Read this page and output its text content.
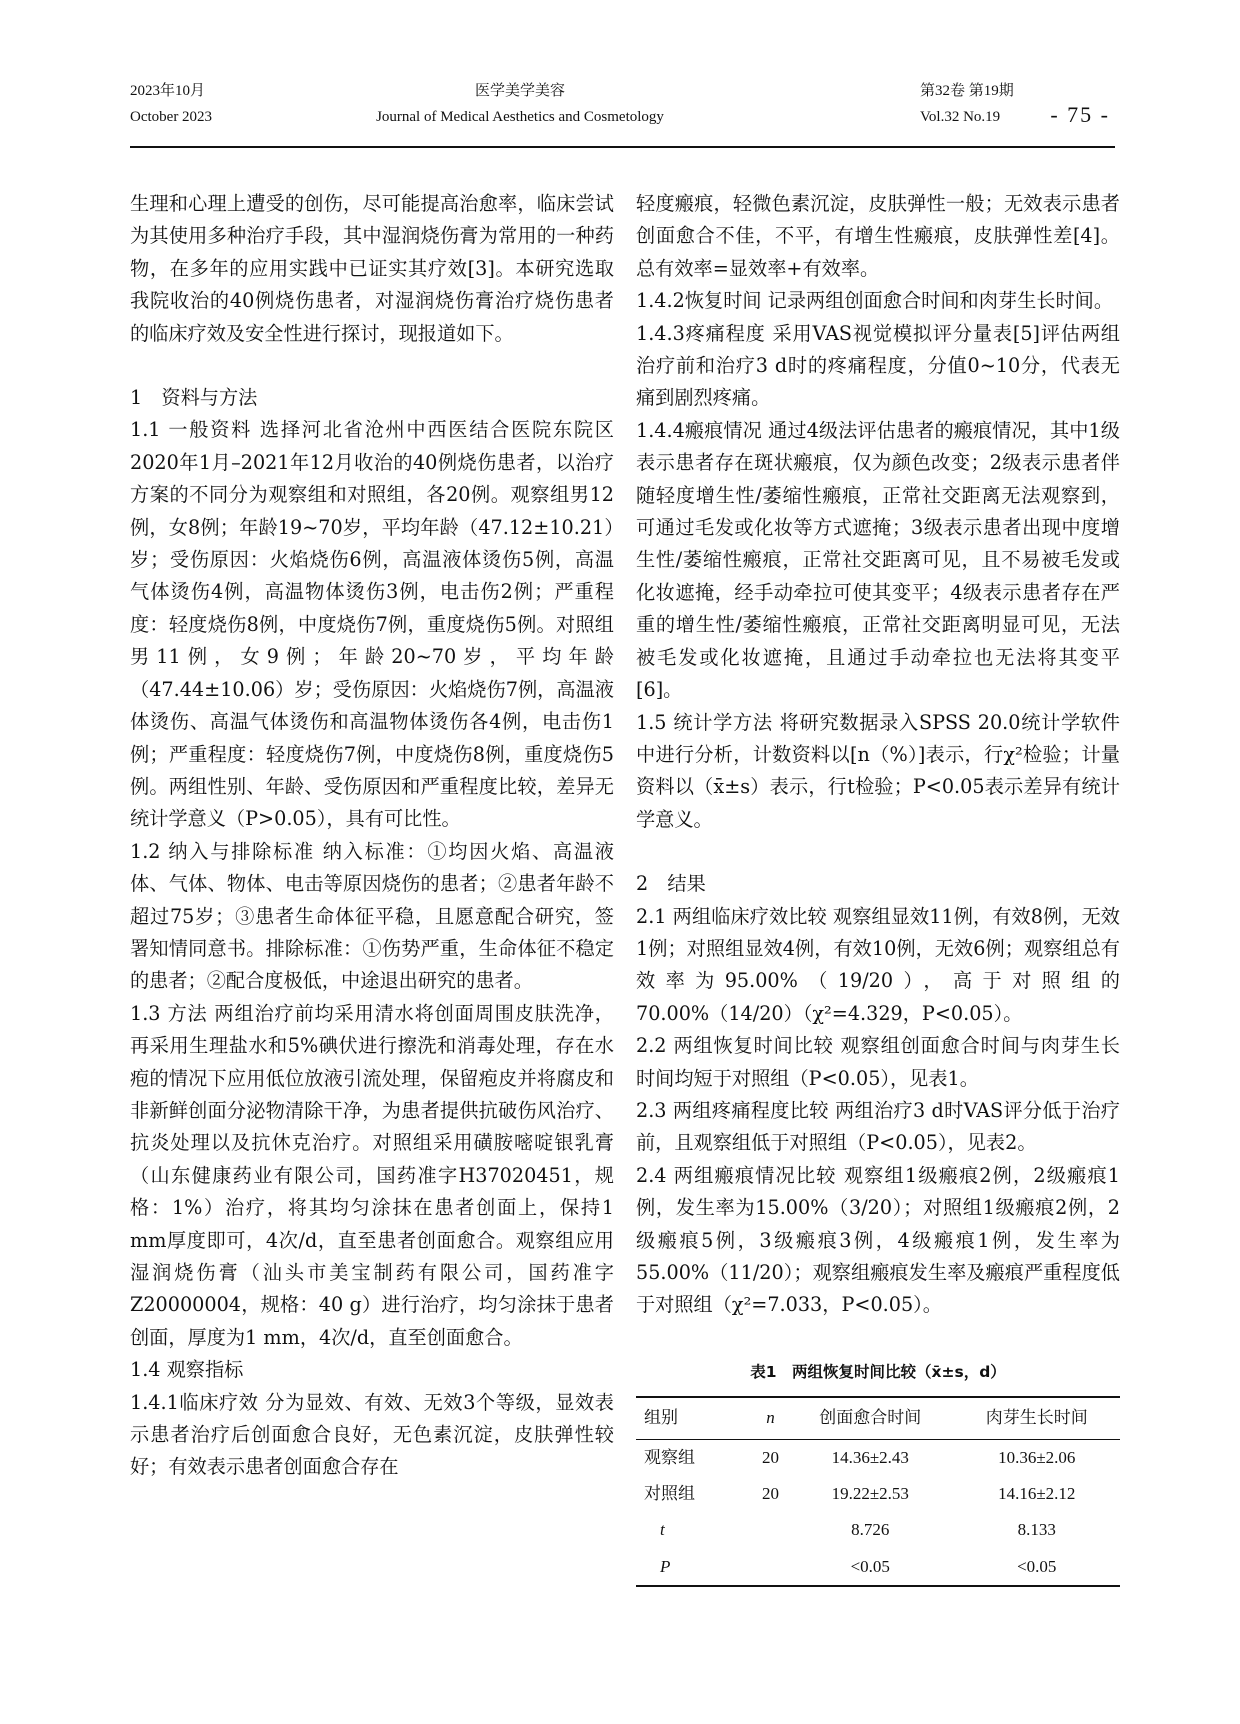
2023年10月
October 2023
医学美学美容
Journal of Medical Aesthetics and Cosmetology
第32卷 第19期
Vol.32 No.19	- 75 -

生理和心理上遭受的创伤，尽可能提高治愈率，临床尝试为其使用多种治疗手段，其中湿润烧伤膏为常用的一种药物，在多年的应用实践中已证实其疗效[3]。本研究选取我院收治的40例烧伤患者，对湿润烧伤膏治疗烧伤患者的临床疗效及安全性进行探讨，现报道如下。

1　资料与方法

1.1 一般资料 选择河北省沧州中西医结合医院东院区2020年1月–2021年12月收治的40例烧伤患者，以治疗方案的不同分为观察组和对照组，各20例。观察组男12例，女8例；年龄19~70岁，平均年龄（47.12±10.21）岁；受伤原因：火焰烧伤6例，高温液体烫伤5例，高温气体烫伤4例，高温物体烫伤3例，电击伤2例；严重程度：轻度烧伤8例，中度烧伤7例，重度烧伤5例。对照组男11例，女9例；年龄20~70岁，平均年龄（47.44±10.06）岁；受伤原因：火焰烧伤7例，高温液体烫伤、高温气体烫伤和高温物体烫伤各4例，电击伤1例；严重程度：轻度烧伤7例，中度烧伤8例，重度烧伤5例。两组性别、年龄、受伤原因和严重程度比较，差异无统计学意义（P>0.05），具有可比性。

1.2 纳入与排除标准 纳入标准：①均因火焰、高温液体、气体、物体、电击等原因烧伤的患者；②患者年龄不超过75岁；③患者生命体征平稳，且愿意配合研究，签署知情同意书。排除标准：①伤势严重，生命体征不稳定的患者；②配合度极低，中途退出研究的患者。

1.3 方法 两组治疗前均采用清水将创面周围皮肤洗净，再采用生理盐水和5%碘伏进行擦洗和消毒处理，存在水疱的情况下应用低位放液引流处理，保留疱皮并将腐皮和非新鲜创面分泌物清除干净，为患者提供抗破伤风治疗、抗炎处理以及抗休克治疗。对照组采用磺胺嘧啶银乳膏（山东健康药业有限公司，国药准字H37020451，规格：1%）治疗，将其均匀涂抹在患者创面上，保持1 mm厚度即可，4次/d，直至患者创面愈合。观察组应用湿润烧伤膏（汕头市美宝制药有限公司，国药准字Z20000004，规格：40 g）进行治疗，均匀涂抹于患者创面，厚度为1 mm，4次/d，直至创面愈合。

1.4 观察指标

1.4.1临床疗效 分为显效、有效、无效3个等级，显效表示患者治疗后创面愈合良好，无色素沉淀，皮肤弹性较好；有效表示患者创面愈合存在

轻度瘢痕，轻微色素沉淀，皮肤弹性一般；无效表示患者创面愈合不佳，不平，有增生性瘢痕，皮肤弹性差[4]。总有效率=显效率+有效率。

1.4.2恢复时间 记录两组创面愈合时间和肉芽生长时间。

1.4.3疼痛程度 采用VAS视觉模拟评分量表[5]评估两组治疗前和治疗3 d时的疼痛程度，分值0~10分，代表无痛到剧烈疼痛。

1.4.4瘢痕情况 通过4级法评估患者的瘢痕情况，其中1级表示患者存在斑状瘢痕，仅为颜色改变；2级表示患者伴随轻度增生性/萎缩性瘢痕，正常社交距离无法观察到，可通过毛发或化妆等方式遮掩；3级表示患者出现中度增生性/萎缩性瘢痕，正常社交距离可见，且不易被毛发或化妆遮掩，经手动牵拉可使其变平；4级表示患者存在严重的增生性/萎缩性瘢痕，正常社交距离明显可见，无法被毛发或化妆遮掩，且通过手动牵拉也无法将其变平[6]。

1.5 统计学方法 将研究数据录入SPSS 20.0统计学软件中进行分析，计数资料以[n（%）]表示，行χ²检验；计量资料以（x̄±s）表示，行t检验；P<0.05表示差异有统计学意义。

2　结果

2.1 两组临床疗效比较 观察组显效11例，有效8例，无效1例；对照组显效4例，有效10例，无效6例；观察组总有效率为95.00%（19/20），高于对照组的70.00%（14/20）（χ²=4.329，P<0.05）。

2.2 两组恢复时间比较 观察组创面愈合时间与肉芽生长时间均短于对照组（P<0.05），见表1。

2.3 两组疼痛程度比较 两组治疗3 d时VAS评分低于治疗前，且观察组低于对照组（P<0.05），见表2。

2.4 两组瘢痕情况比较 观察组1级瘢痕2例，2级瘢痕1例，发生率为15.00%（3/20）；对照组1级瘢痕2例，2级瘢痕5例，3级瘢痕3例，4级瘢痕1例，发生率为55.00%（11/20）；观察组瘢痕发生率及瘢痕严重程度低于对照组（χ²=7.033，P<0.05）。

表1　两组恢复时间比较（x̄±s，d）
组别	n	创面愈合时间	肉芽生长时间
观察组	20	14.36±2.43	10.36±2.06
对照组	20	19.22±2.53	14.16±2.12
t		8.726	8.133
P		<0.05	<0.05
